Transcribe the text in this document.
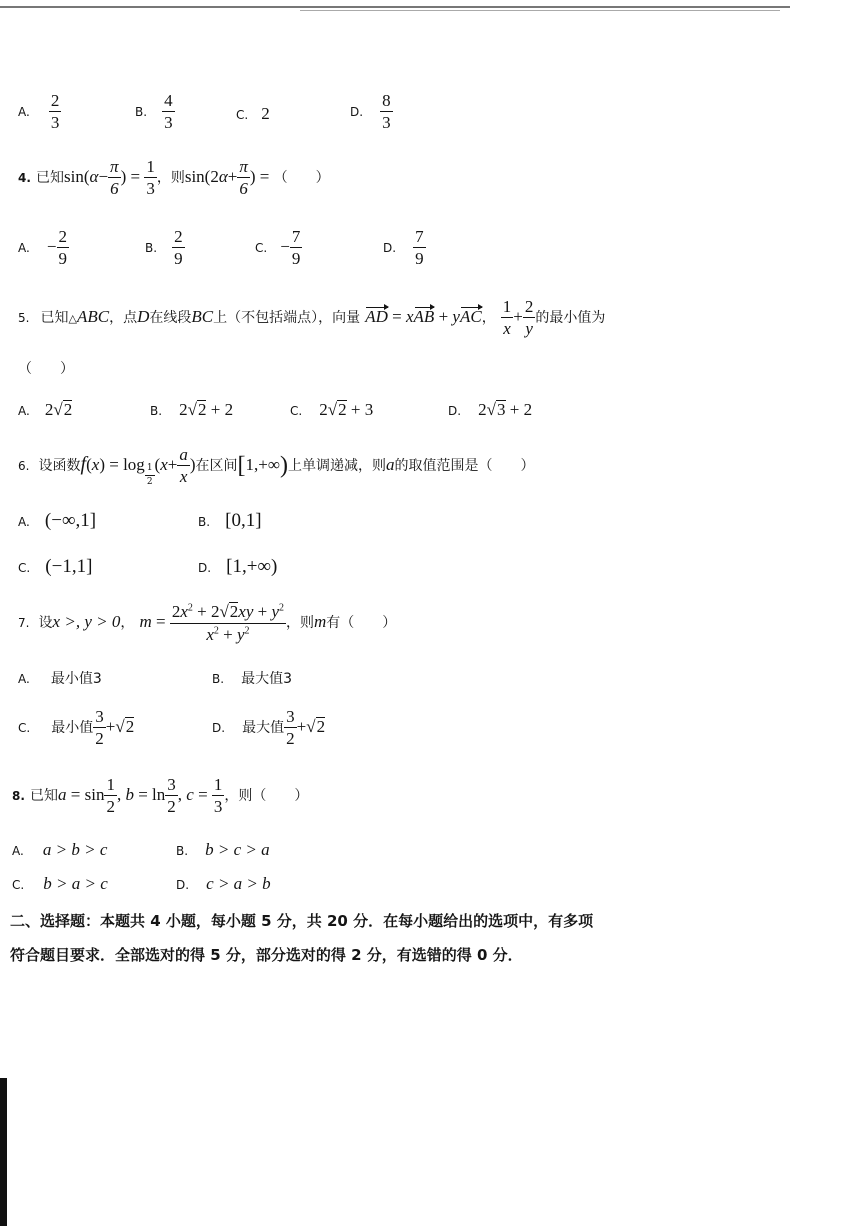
A. $\frac{2}{3}$	B. $\frac{4}{3}$	C. 2	D. $\frac{8}{3}$
4. 已知$\sin(\alpha- \frac{\pi}{6}$ ) = $\frac{1}{3}$ ，则$\sin(2\alpha+ \frac{\pi}{6}$ ) = （　　）
A. − $\frac{2}{9}$	B. $\frac{2}{9}$	C. − $\frac{7}{9}$	D. $\frac{7}{9}$
5. 已知△ABC，点D在线段BC上（不包括端点），向量 AD = xAB + yAC， $\frac{1}{x} + \frac{2}{y}$ 的最小值为
（　　）
A. 2√2	B. 2√2 + 2	C. 2√2 + 3	D. 2√3 + 2
6. 设函数$f(x) = \log \frac{1}{2} (x+ \frac{a}{x}$ )在区间[1,+∞)上单调递减，则a的取值范围是（　　）
A. (−∞,1]	B. [0,1]
C. (−1,1]	D. [1,+∞)
7. 设x >, y > 0， $m = \frac{2x^2 + 2√2xy + y^2}{x^2 + y^2}$ ，则m有（　　）
A. 最小值3	B. 最大值3
C. 最小值 $\frac{3}{2} +√2$	D. 最大值 $\frac{3}{2} +√2$
8. 已知$a = \sin \frac{1}{2}$ , $b = \ln \frac{3}{2}$ , $c = \frac{1}{3}$ ，则（　　）
A. a > b > c	B. b > c > a
C. b > a > c	D. c > a > b
二、选择题：本题共 4 小题，每小题 5 分，共 20 分．在每小题给出的选项中，有多项
符合题目要求．全部选对的得 5 分，部分选对的得 2 分，有选错的得 0 分．
